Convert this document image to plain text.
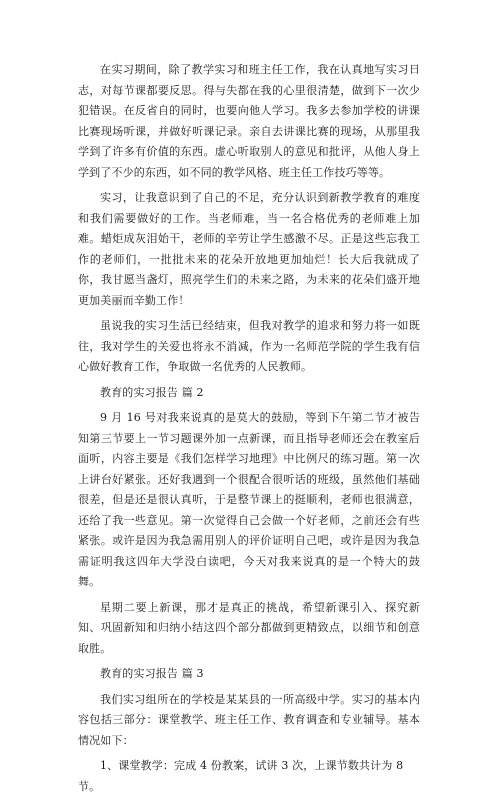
在实习期间，除了教学实习和班主任工作，我在认真地写实习日志，对每节课都要反思。得与失都在我的心里很清楚，做到下一次少犯错误。在反省自的同时，也要向他人学习。我多去参加学校的讲课比赛现场听课，并做好听课记录。亲自去讲课比赛的现场，从那里我学到了许多有价值的东西。虚心听取别人的意见和批评，从他人身上学到了不少的东西，如不同的教学风格、班主任工作技巧等等。

实习，让我意识到了自己的不足，充分认识到新教学教育的难度和我们需要做好的工作。当老师难，当一名合格优秀的老师难上加难。蜡炬成灰泪始干，老师的辛劳让学生感激不尽。正是这些忘我工作的老师们，一批批未来的花朵开放地更加灿烂！长大后我就成了你，我甘愿当盏灯，照亮学生们的未来之路，为未来的花朵们盛开地更加美丽而辛勤工作！

虽说我的实习生活已经结束，但我对教学的追求和努力将一如既往，我对学生的关爱也将永不消减，作为一名师范学院的学生我有信心做好教育工作，争取做一名优秀的人民教师。

教育的实习报告 篇 2

9 月 16 号对我来说真的是莫大的鼓励，等到下午第二节才被告知第三节要上一节习题课外加一点新课，而且指导老师还会在教室后面听，内容主要是《我们怎样学习地理》中比例尺的练习题。第一次上讲台好紧张。还好我遇到一个很配合很听话的班级，虽然他们基础很差，但是还是很认真听，于是整节课上的挺顺利，老师也很满意，还给了我一些意见。第一次觉得自己会做一个好老师，之前还会有些紧张。或许是因为我急需用别人的评价证明自己吧，或许是因为我急需证明我这四年大学没白读吧，今天对我来说真的是一个特大的鼓舞。

星期二要上新课，那才是真正的挑战，希望新课引入、探究新知、巩固新知和归纳小结这四个部分都做到更精致点，以细节和创意取胜。

教育的实习报告 篇 3

我们实习组所在的学校是某某县的一所高级中学。实习的基本内容包括三部分：课堂教学、班主任工作、教育调查和专业辅导。基本情况如下：

1、课堂教学：完成 4 份教案，试讲 3 次，上课节数共计为 8 节。
